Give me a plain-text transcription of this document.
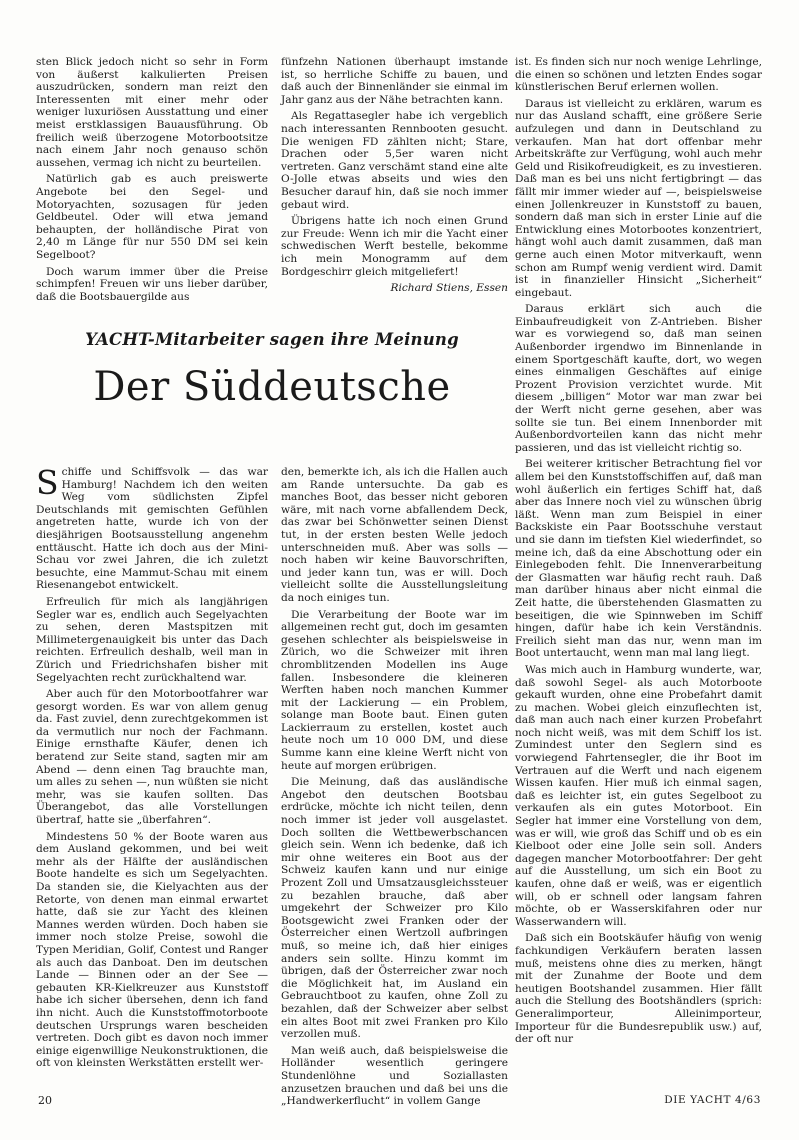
sten Blick jedoch nicht so sehr in Form von äußerst kalkulierten Preisen auszudrücken, sondern man reizt den Interessenten mit einer mehr oder weniger luxuriösen Ausstattung und einer meist erstklassigen Bauausführung. Ob freilich weiß überzogene Motorbootsitze nach einem Jahr noch genauso schön aussehen, vermag ich nicht zu beurteilen.

Natürlich gab es auch preiswerte Angebote bei den Segel- und Motoryachten, sozusagen für jeden Geldbeutel. Oder will etwa jemand behaupten, der holländische Pirat von 2,40 m Länge für nur 550 DM sei kein Segelboot?

Doch warum immer über die Preise schimpfen! Freuen wir uns lieber darüber, daß die Bootsbauergilde aus

fünfzehn Nationen überhaupt imstande ist, so herrliche Schiffe zu bauen, und daß auch der Binnenländer sie einmal im Jahr ganz aus der Nähe betrachten kann.

Als Regattasegler habe ich vergeblich nach interessanten Rennbooten gesucht. Die wenigen FD zählten nicht; Stare, Drachen oder 5,5er waren nicht vertreten. Ganz verschämt stand eine alte O-Jolle etwas abseits und wies den Besucher darauf hin, daß sie noch immer gebaut wird.

Übrigens hatte ich noch einen Grund zur Freude: Wenn ich mir die Yacht einer schwedischen Werft bestelle, bekomme ich mein Monogramm auf dem Bordgeschirr gleich mitgeliefert!

Richard Stiens, Essen

YACHT-Mitarbeiter sagen ihre Meinung
Der Süddeutsche

Schiffe und Schiffsvolk — das war Hamburg! Nachdem ich den weiten Weg vom südlichsten Zipfel Deutschlands mit gemischten Gefühlen angetreten hatte, wurde ich von der diesjährigen Bootsausstellung angenehm enttäuscht. Hatte ich doch aus der Mini-Schau vor zwei Jahren, die ich zuletzt besuchte, eine Mammut-Schau mit einem Riesenangebot entwickelt.

Erfreulich für mich als langjährigen Segler war es, endlich auch Segelyachten zu sehen, deren Mastspitzen mit Millimetergenauigkeit bis unter das Dach reichten. Erfreulich deshalb, weil man in Zürich und Friedrichshafen bisher mit Segelyachten recht zurückhaltend war.

Aber auch für den Motorbootfahrer war gesorgt worden. Es war von allem genug da. Fast zuviel, denn zurechtgekommen ist da vermutlich nur noch der Fachmann. Einige ernsthafte Käufer, denen ich beratend zur Seite stand, sagten mir am Abend — denn einen Tag brauchte man, um alles zu sehen —, nun wüßten sie nicht mehr, was sie kaufen sollten. Das Überangebot, das alle Vorstellungen übertraf, hatte sie „überfahren“.

Mindestens 50 % der Boote waren aus dem Ausland gekommen, und bei weit mehr als der Hälfte der ausländischen Boote handelte es sich um Segelyachten. Da standen sie, die Kielyachten aus der Retorte, von denen man einmal erwartet hatte, daß sie zur Yacht des kleinen Mannes werden würden. Doch haben sie immer noch stolze Preise, sowohl die Typen Meridian, Golif, Contest und Ranger als auch das Danboat. Den im deutschen Lande — Binnen oder an der See — gebauten KR-Kielkreuzer aus Kunststoff habe ich sicher übersehen, denn ich fand ihn nicht. Auch die Kunststoffmotorboote deutschen Ursprungs waren bescheiden vertreten. Doch gibt es davon noch immer einige eigenwillige Neukonstruktionen, die oft von kleinsten Werkstätten erstellt wer-

den, bemerkte ich, als ich die Hallen auch am Rande untersuchte. Da gab es manches Boot, das besser nicht geboren wäre, mit nach vorne abfallendem Deck, das zwar bei Schönwetter seinen Dienst tut, in der ersten besten Welle jedoch unterschneiden muß. Aber was solls — noch haben wir keine Bauvorschriften, und jeder kann tun, was er will. Doch vielleicht sollte die Ausstellungsleitung da noch einiges tun.

Die Verarbeitung der Boote war im allgemeinen recht gut, doch im gesamten gesehen schlechter als beispielsweise in Zürich, wo die Schweizer mit ihren chromblitzenden Modellen ins Auge fallen. Insbesondere die kleineren Werften haben noch manchen Kummer mit der Lackierung — ein Problem, solange man Boote baut. Einen guten Lackierraum zu erstellen, kostet auch heute noch um 10 000 DM, und diese Summe kann eine kleine Werft nicht von heute auf morgen erübrigen.

Die Meinung, daß das ausländische Angebot den deutschen Bootsbau erdrücke, möchte ich nicht teilen, denn noch immer ist jeder voll ausgelastet. Doch sollten die Wettbewerbschancen gleich sein. Wenn ich bedenke, daß ich mir ohne weiteres ein Boot aus der Schweiz kaufen kann und nur einige Prozent Zoll und Umsatzausgleichssteuer zu bezahlen brauche, daß aber umgekehrt der Schweizer pro Kilo Bootsgewicht zwei Franken oder der Österreicher einen Wertzoll aufbringen muß, so meine ich, daß hier einiges anders sein sollte. Hinzu kommt im übrigen, daß der Österreicher zwar noch die Möglichkeit hat, im Ausland ein Gebrauchtboot zu kaufen, ohne Zoll zu bezahlen, daß der Schweizer aber selbst ein altes Boot mit zwei Franken pro Kilo verzollen muß.

Man weiß auch, daß beispielsweise die Holländer wesentlich geringere Stundenlöhne und Soziallasten anzusetzen brauchen und daß bei uns die „Handwerkerflucht“ in vollem Gange

ist. Es finden sich nur noch wenige Lehrlinge, die einen so schönen und letzten Endes sogar künstlerischen Beruf erlernen wollen.

Daraus ist vielleicht zu erklären, warum es nur das Ausland schafft, eine größere Serie aufzulegen und dann in Deutschland zu verkaufen. Man hat dort offenbar mehr Arbeitskräfte zur Verfügung, wohl auch mehr Geld und Risikofreudigkeit, es zu investieren. Daß man es bei uns nicht fertigbringt — das fällt mir immer wieder auf —, beispielsweise einen Jollenkreuzer in Kunststoff zu bauen, sondern daß man sich in erster Linie auf die Entwicklung eines Motorbootes konzentriert, hängt wohl auch damit zusammen, daß man gerne auch einen Motor mitverkauft, wenn schon am Rumpf wenig verdient wird. Damit ist in finanzieller Hinsicht „Sicherheit“ eingebaut.

Daraus erklärt sich auch die Einbaufreudigkeit von Z-Antrieben. Bisher war es vorwiegend so, daß man seinen Außenborder irgendwo im Binnenlande in einem Sportgeschäft kaufte, dort, wo wegen eines einmaligen Geschäftes auf einige Prozent Provision verzichtet wurde. Mit diesem „billigen“ Motor war man zwar bei der Werft nicht gerne gesehen, aber was sollte sie tun. Bei einem Innenborder mit Außenbordvorteilen kann das nicht mehr passieren, und das ist vielleicht richtig so.

Bei weiterer kritischer Betrachtung fiel vor allem bei den Kunststoffschiffen auf, daß man wohl äußerlich ein fertiges Schiff hat, daß aber das Innere noch viel zu wünschen übrig läßt. Wenn man zum Beispiel in einer Backskiste ein Paar Bootsschuhe verstaut und sie dann im tiefsten Kiel wiederfindet, so meine ich, daß da eine Abschottung oder ein Einlegeboden fehlt. Die Innenverarbeitung der Glasmatten war häufig recht rauh. Daß man darüber hinaus aber nicht einmal die Zeit hatte, die überstehenden Glasmatten zu beseitigen, die wie Spinnweben im Schiff hingen, dafür habe ich kein Verständnis. Freilich sieht man das nur, wenn man im Boot untertaucht, wenn man mal lang liegt.

Was mich auch in Hamburg wunderte, war, daß sowohl Segel- als auch Motorboote gekauft wurden, ohne eine Probefahrt damit zu machen. Wobei gleich einzuflechten ist, daß man auch nach einer kurzen Probefahrt noch nicht weiß, was mit dem Schiff los ist. Zumindest unter den Seglern sind es vorwiegend Fahrtensegler, die ihr Boot im Vertrauen auf die Werft und nach eigenem Wissen kaufen. Hier muß ich einmal sagen, daß es leichter ist, ein gutes Segelboot zu verkaufen als ein gutes Motorboot. Ein Segler hat immer eine Vorstellung von dem, was er will, wie groß das Schiff und ob es ein Kielboot oder eine Jolle sein soll. Anders dagegen mancher Motorbootfahrer: Der geht auf die Ausstellung, um sich ein Boot zu kaufen, ohne daß er weiß, was er eigentlich will, ob er schnell oder langsam fahren möchte, ob er Wasserskifahren oder nur Wasserwandern will.

Daß sich ein Bootskäufer häufig von wenig fachkundigen Verkäufern beraten lassen muß, meistens ohne dies zu merken, hängt mit der Zunahme der Boote und dem heutigen Bootshandel zusammen. Hier fällt auch die Stellung des Bootshändlers (sprich: Generalimporteur, Alleinimporteur, Importeur für die Bundesrepublik usw.) auf, der oft nur

20	DIE YACHT 4/63
